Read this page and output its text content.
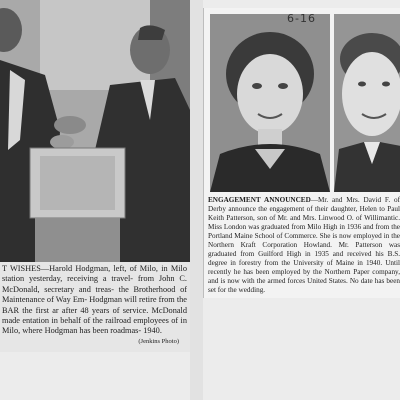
T WISHES—Harold Hodgman, left, of Milo, in Milo station yesterday, receiving a travel- from John C. McDonald, secretary and treas- the Brotherhood of Maintenance of Way Em- Hodgman will retire from the BAR the first ar after 48 years of service. McDonald made entation in behalf of the railroad employees of in Milo, where Hodgman has been roadmas- 1940.
(Jenkins Photo)
6-16
ENGAGEMENT ANNOUNCED—Mr. and Mrs. David F. of Derby announce the engagement of their daughter, Helen to Paul Keith Patterson, son of Mr. and Mrs. Linwood O. of Willimantic. Miss London was graduated from Milo High in 1936 and from the Portland Maine School of Commerce. She is now employed in the Northern Kraft Corporation Howland. Mr. Patterson was graduated from Guilford High in 1935 and received his B.S. degree in forestry from the University of Maine in 1940. Until recently he has been employed by the Northern Paper company, and is now with the armed forces United States. No date has been set for the wedding.
